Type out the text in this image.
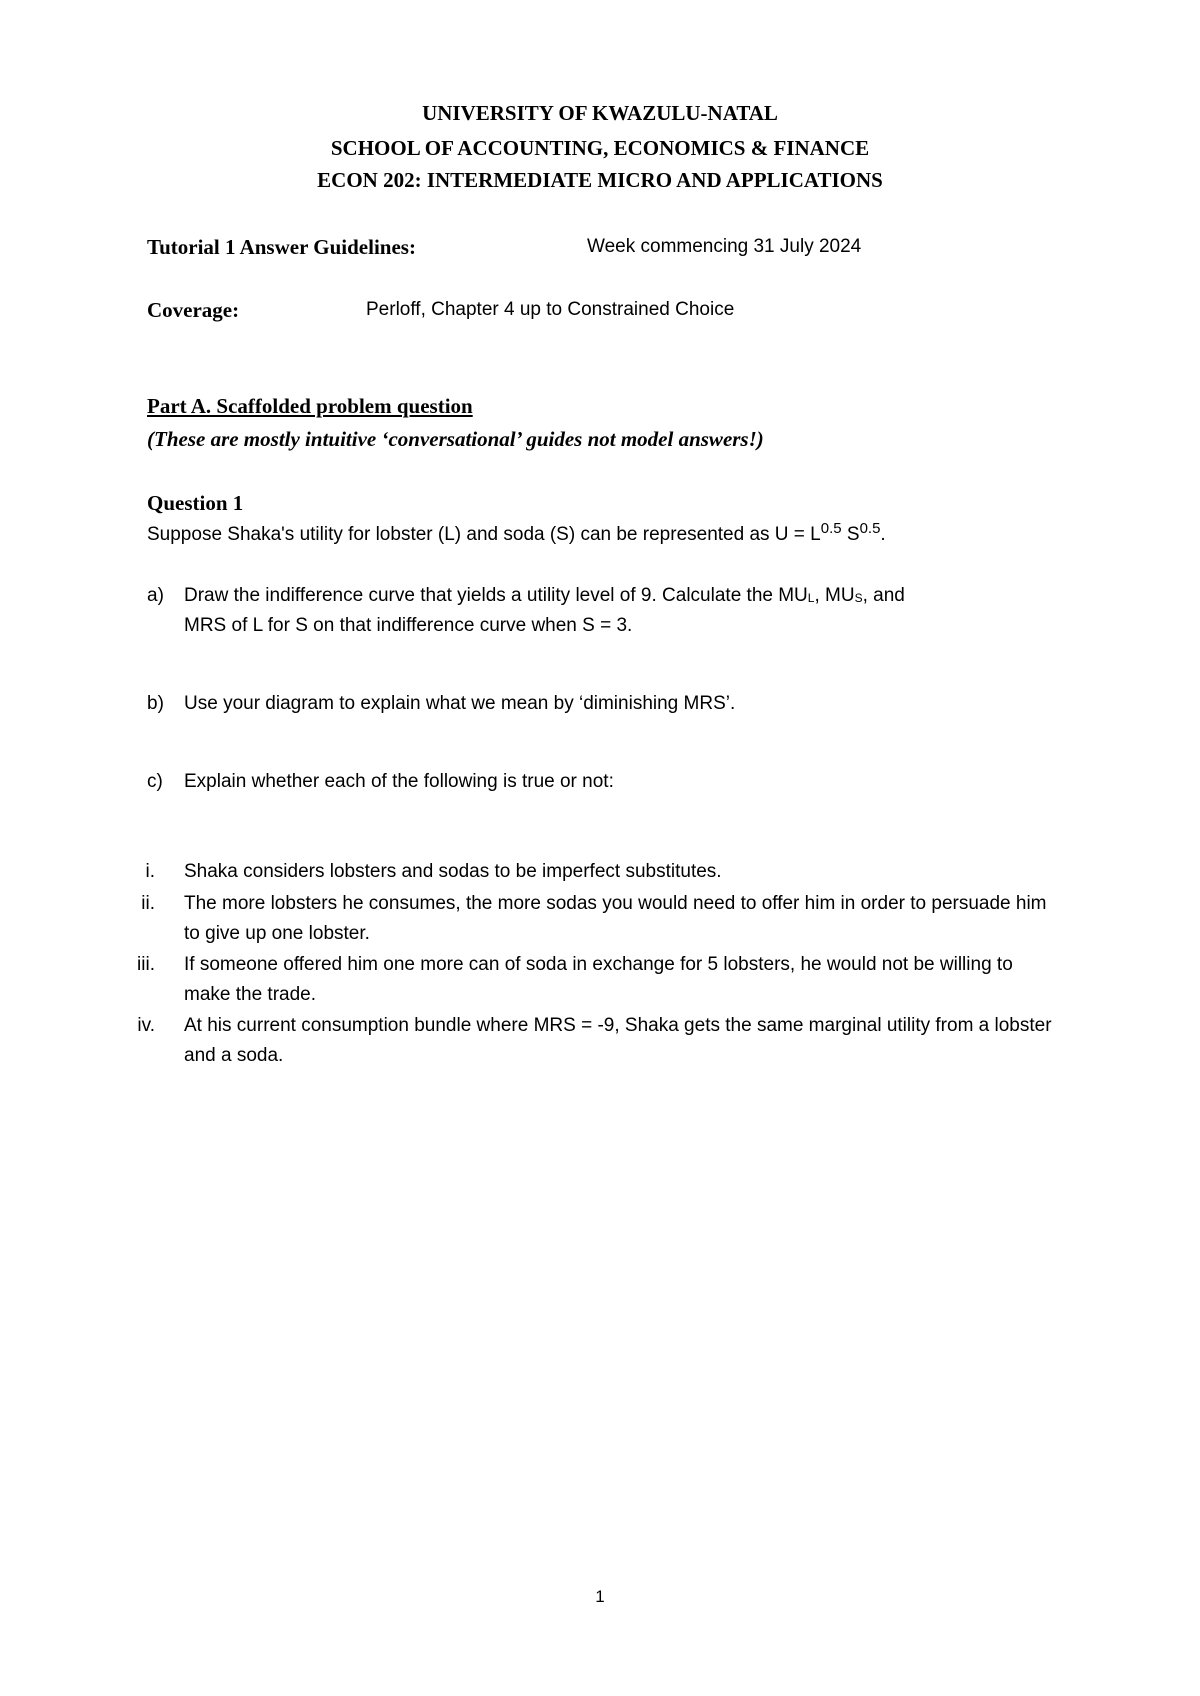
UNIVERSITY OF KWAZULU-NATAL
SCHOOL OF ACCOUNTING, ECONOMICS & FINANCE
ECON 202: INTERMEDIATE MICRO AND APPLICATIONS
Tutorial 1 Answer Guidelines:	Week commencing 31 July 2024
Coverage:	Perloff, Chapter 4 up to Constrained Choice
Part A. Scaffolded problem question
(These are mostly intuitive ‘conversational’ guides not model answers!)
Question 1
Suppose Shaka's utility for lobster (L) and soda (S) can be represented as $U = L^{0.5}$ $S^{0.5}$.
a)	Draw the indifference curve that yields a utility level of 9. Calculate the $MU_L$, $MU_S$, and
MRS of L for S on that indifference curve when S = 3.
b)	Use your diagram to explain what we mean by ‘diminishing MRS’.
c)	Explain whether each of the following is true or not:
i. Shaka considers lobsters and sodas to be imperfect substitutes.
ii. The more lobsters he consumes, the more sodas you would need to offer him in order to persuade him to give up one lobster.
iii. If someone offered him one more can of soda in exchange for 5 lobsters, he would not be willing to make the trade.
iv. At his current consumption bundle where MRS = -9, Shaka gets the same marginal utility from a lobster and a soda.
1
